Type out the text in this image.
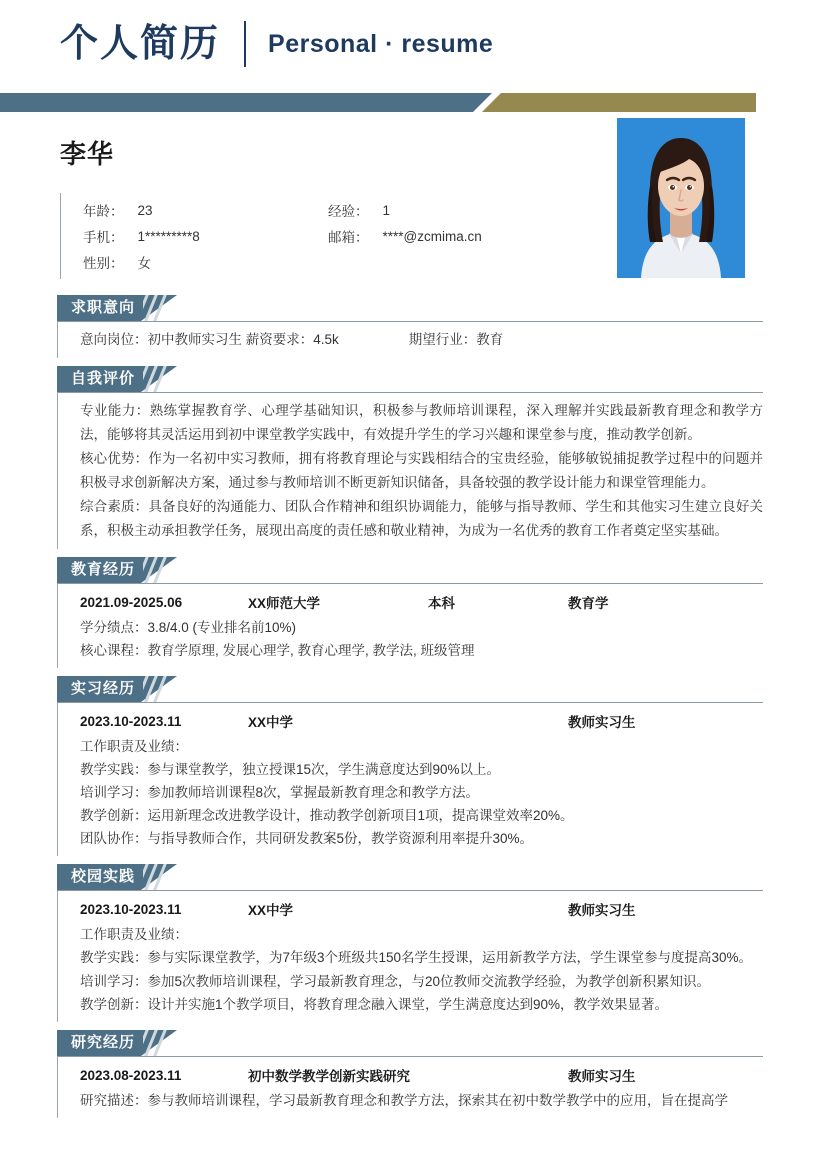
个人简历 Personal · resume
李华
年龄： 23	经验： 1
手机： 1*********8	邮箱： ****@zcmima.cn
性别： 女
求职意向
意向岗位：初中教师实习生 薪资要求：4.5k	期望行业：教育
自我评价
专业能力：熟练掌握教育学、心理学基础知识，积极参与教师培训课程，深入理解并实践最新教育理念和教学方法，能够将其灵活运用到初中课堂教学实践中，有效提升学生的学习兴趣和课堂参与度，推动教学创新。
核心优势：作为一名初中实习教师，拥有将教育理论与实践相结合的宝贵经验，能够敏锐捕捉教学过程中的问题并积极寻求创新解决方案，通过参与教师培训不断更新知识储备，具备较强的教学设计能力和课堂管理能力。
综合素质：具备良好的沟通能力、团队合作精神和组织协调能力，能够与指导教师、学生和其他实习生建立良好关系，积极主动承担教学任务，展现出高度的责任感和敬业精神，为成为一名优秀的教育工作者奠定坚实基础。
教育经历
2021.09-2025.06	XX师范大学	本科	教育学
学分绩点：3.8/4.0 (专业排名前10%)
核心课程：教育学原理, 发展心理学, 教育心理学, 教学法, 班级管理
实习经历
2023.10-2023.11	XX中学	教师实习生
工作职责及业绩：
教学实践：参与课堂教学，独立授课15次，学生满意度达到90%以上。
培训学习：参加教师培训课程8次，掌握最新教育理念和教学方法。
教学创新：运用新理念改进教学设计，推动教学创新项目1项，提高课堂效率20%。
团队协作：与指导教师合作，共同研发教案5份，教学资源利用率提升30%。
校园实践
2023.10-2023.11	XX中学	教师实习生
工作职责及业绩：
教学实践：参与实际课堂教学，为7年级3个班级共150名学生授课，运用新教学方法，学生课堂参与度提高30%。
培训学习：参加5次教师培训课程，学习最新教育理念，与20位教师交流教学经验，为教学创新积累知识。
教学创新：设计并实施1个教学项目，将教育理念融入课堂，学生满意度达到90%，教学效果显著。
研究经历
2023.08-2023.11	初中数学教学创新实践研究	教师实习生
研究描述：参与教师培训课程，学习最新教育理念和教学方法，探索其在初中数学教学中的应用，旨在提高学
